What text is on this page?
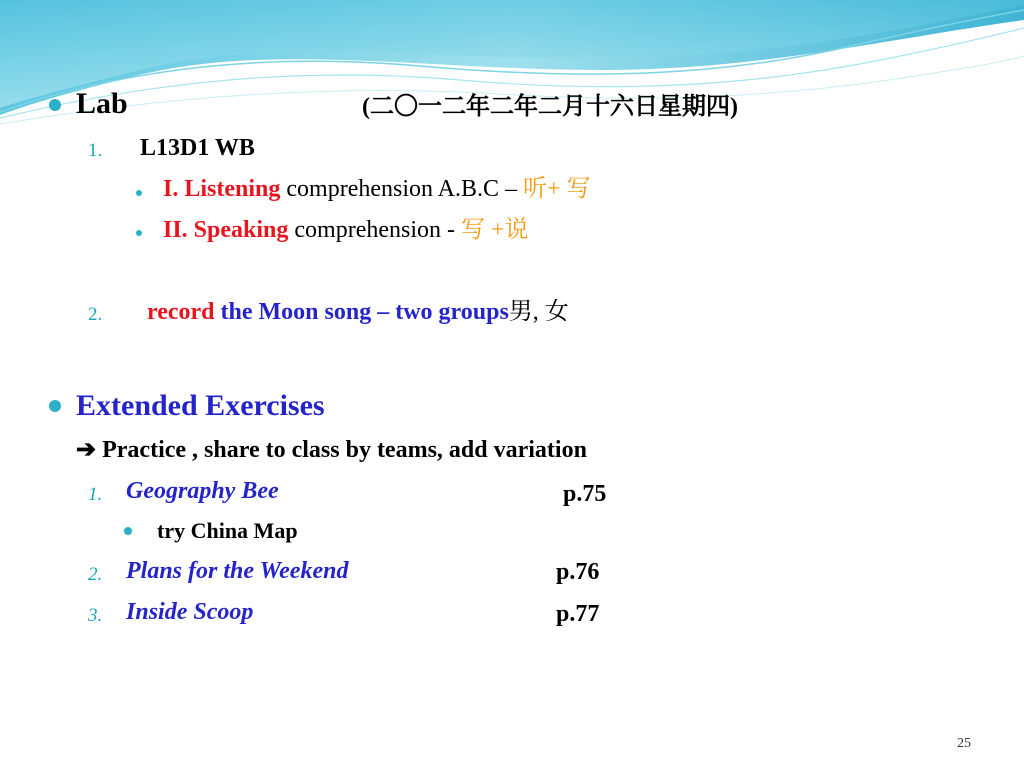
Lab	(二〇一二年二年二月十六日星期四)
1. L13D1 WB
I. Listening comprehension A.B.C – 听+ 写
II. Speaking comprehension - 写 +说
2. record the Moon song – two groups男, 女
Extended Exercises
➔ Practice , share to class by teams, add variation
1. Geography Bee	p.75
try China Map
2. Plans for the Weekend	p.76
3. Inside Scoop	p.77
25
